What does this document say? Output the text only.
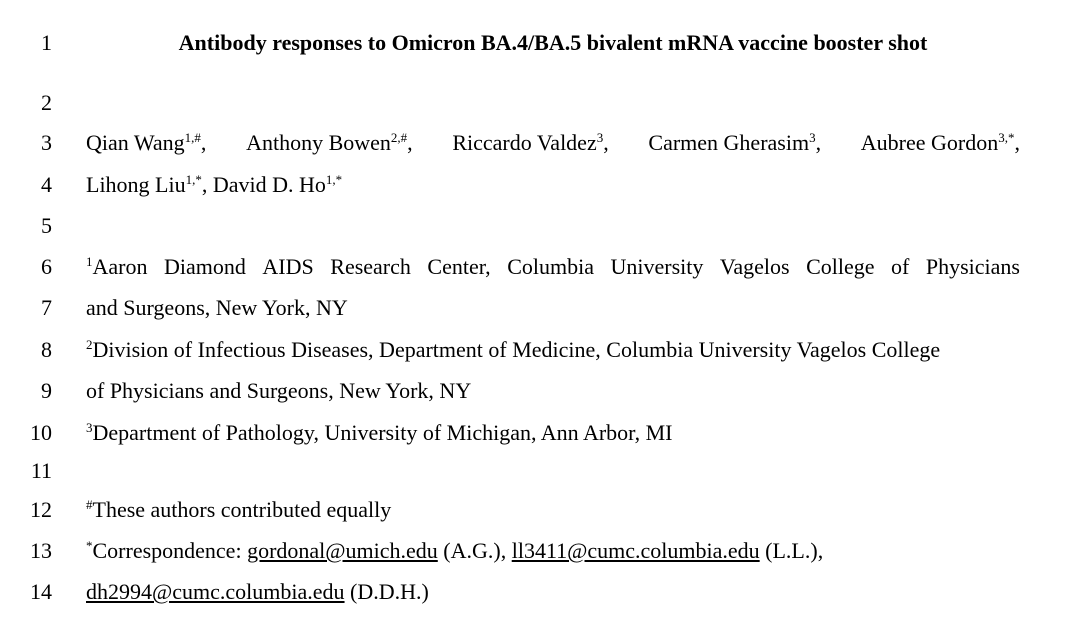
1	Antibody responses to Omicron BA.4/BA.5 bivalent mRNA vaccine booster shot
2
3 Qian Wang$^{1,\#}$, Anthony Bowen$^{2,\#}$, Riccardo Valdez$^3$, Carmen Gherasim$^3$, Aubree Gordon$^{3,*}$,
4 Lihong Liu$^{1,*}$, David D. $Ho^{1,*}$
5
6	$^1$Aaron Diamond AIDS Research Center, Columbia University Vagelos College of Physicians
7 and Surgeons, New York, NY
8	$^2$Division of Infectious Diseases, Department of Medicine, Columbia University Vagelos College
9 of Physicians and Surgeons, New York, NY
10	$^3$Department of Pathology, University of Michigan, Ann Arbor, MI
11
12	#These authors contributed equally
13	*Correspondence: gordonal@umich.edu (A.G.), ll3411@cumc.columbia.edu (L.L.),
14 dh2994@cumc.columbia.edu (D.D.H.)
